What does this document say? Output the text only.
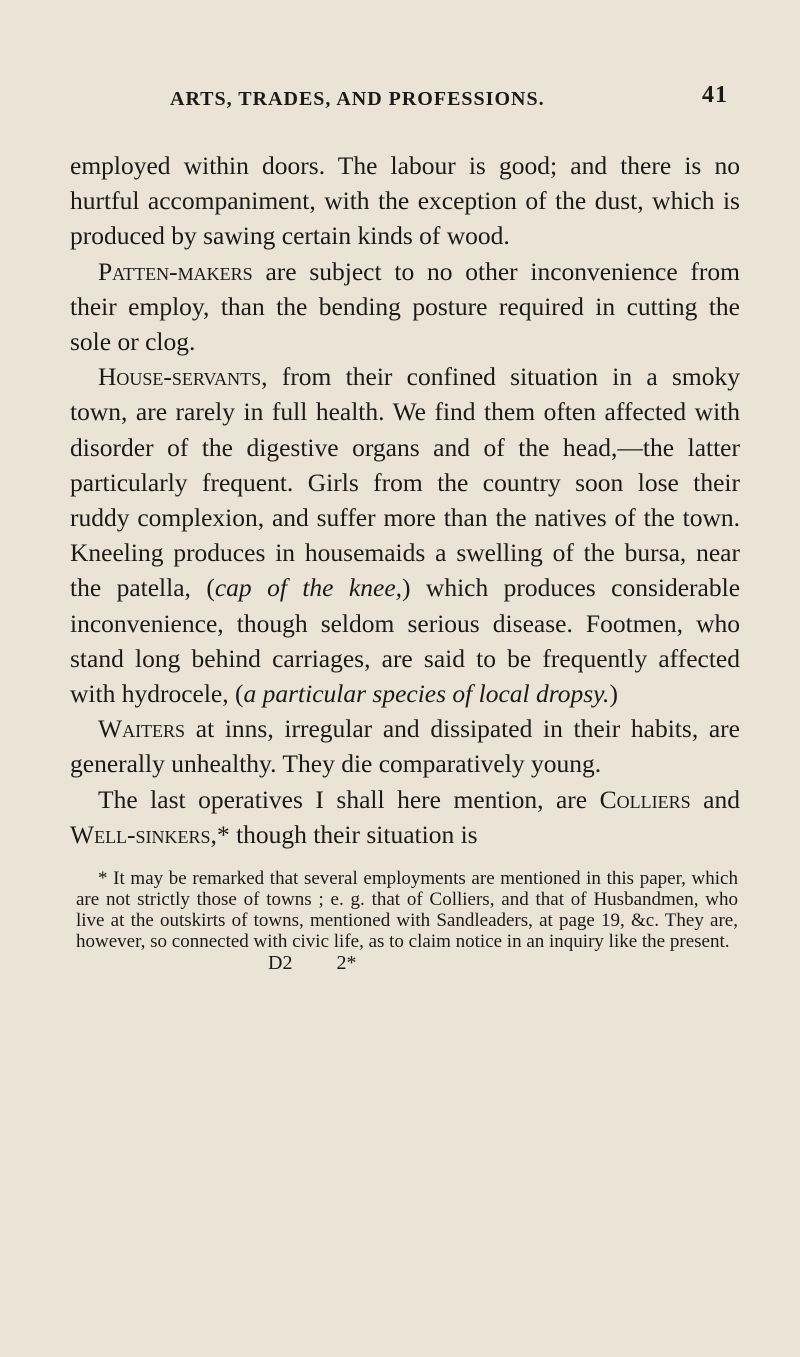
ARTS, TRADES, AND PROFESSIONS.	41

employed within doors. The labour is good; and there is no hurtful accompaniment, with the exception of the dust, which is produced by sawing certain kinds of wood.

Patten-makers are subject to no other inconvenience from their employ, than the bending posture required in cutting the sole or clog.

House-servants, from their confined situation in a smoky town, are rarely in full health. We find them often affected with disorder of the digestive organs and of the head,—the latter particularly frequent. Girls from the country soon lose their ruddy complexion, and suffer more than the natives of the town. Kneeling produces in housemaids a swelling of the bursa, near the patella, (cap of the knee,) which produces considerable inconvenience, though seldom serious disease. Footmen, who stand long behind carriages, are said to be frequently affected with hydrocele, (a particular species of local dropsy.)

Waiters at inns, irregular and dissipated in their habits, are generally unhealthy. They die comparatively young.

The last operatives I shall here mention, are Colliers and Well-sinkers,* though their situation is

* It may be remarked that several employments are mentioned in this paper, which are not strictly those of towns ; e. g. that of Colliers, and that of Husbandmen, who live at the outskirts of towns, mentioned with Sandleaders, at page 19, &c. They are, however, so connected with civic life, as to claim notice in an inquiry like the present.

D2 2*
